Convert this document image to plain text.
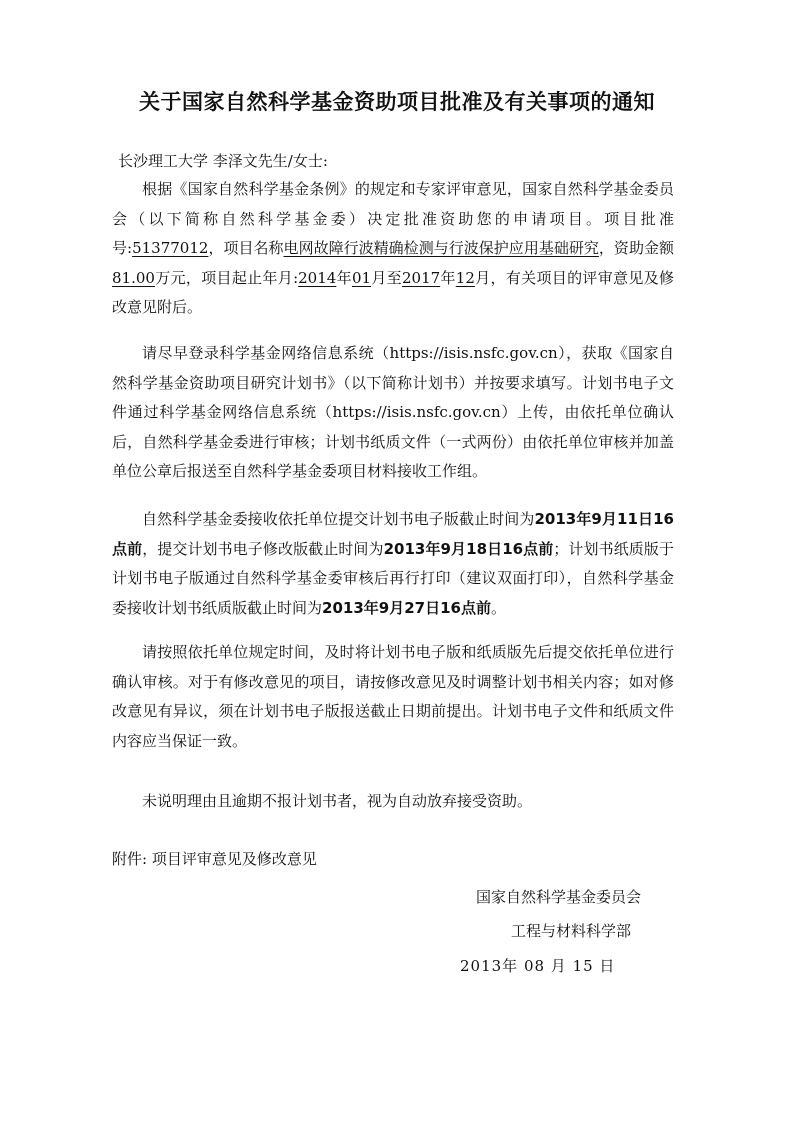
关于国家自然科学基金资助项目批准及有关事项的通知
长沙理工大学 李泽文先生/女士:

根据《国家自然科学基金条例》的规定和专家评审意见，国家自然科学基金委员会（以下简称自然科学基金委）决定批准资助您的申请项目。项目批准号:51377012，项目名称电网故障行波精确检测与行波保护应用基础研究，资助金额81.00万元，项目起止年月:2014年01月至2017年12月，有关项目的评审意见及修改意见附后。

请尽早登录科学基金网络信息系统（https://isis.nsfc.gov.cn），获取《国家自然科学基金资助项目研究计划书》（以下简称计划书）并按要求填写。计划书电子文件通过科学基金网络信息系统（https://isis.nsfc.gov.cn）上传，由依托单位确认后，自然科学基金委进行审核；计划书纸质文件（一式两份）由依托单位审核并加盖单位公章后报送至自然科学基金委项目材料接收工作组。

自然科学基金委接收依托单位提交计划书电子版截止时间为2013年9月11日16点前，提交计划书电子修改版截止时间为2013年9月18日16点前；计划书纸质版于计划书电子版通过自然科学基金委审核后再行打印（建议双面打印），自然科学基金委接收计划书纸质版截止时间为2013年9月27日16点前。

请按照依托单位规定时间，及时将计划书电子版和纸质版先后提交依托单位进行确认审核。对于有修改意见的项目，请按修改意见及时调整计划书相关内容；如对修改意见有异议，须在计划书电子版报送截止日期前提出。计划书电子文件和纸质文件内容应当保证一致。

未说明理由且逾期不报计划书者，视为自动放弃接受资助。

附件: 项目评审意见及修改意见
国家自然科学基金委员会
工程与材料科学部
2013年 08 月 15 日
